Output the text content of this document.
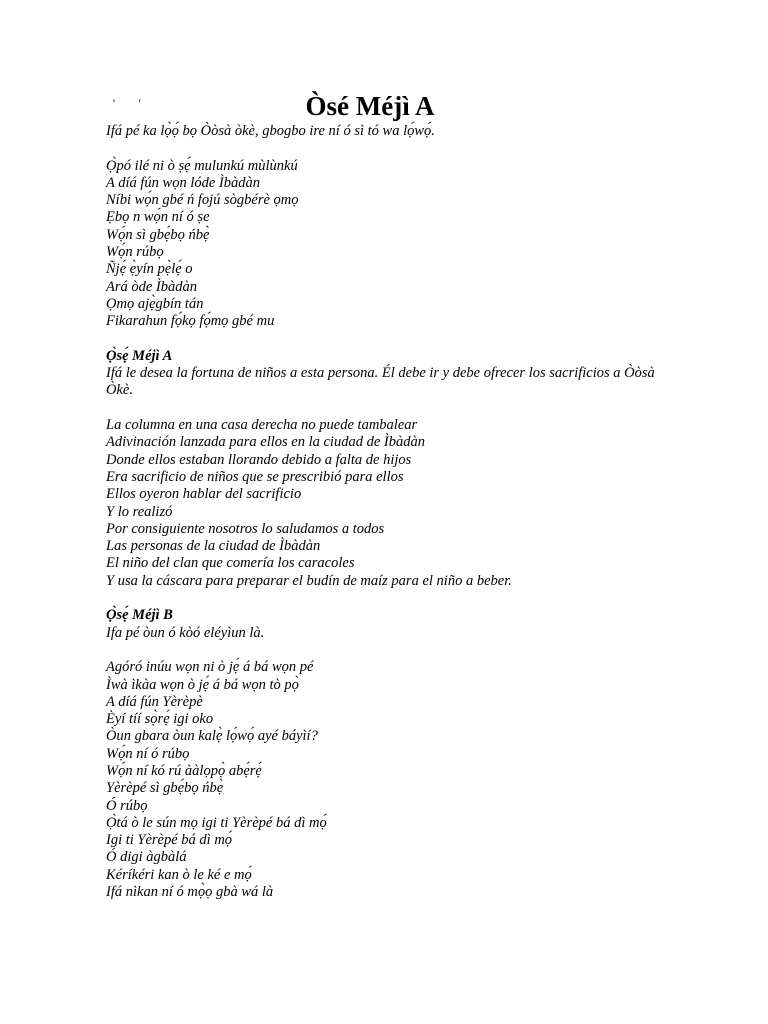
' '	Òsé Méjì A
Ifá pé ka lọ̀ọ́ bọ Òòsà òkè, gbogbo ire ní ó sì tó wa lọ́wọ́.
Ọ̀pó ilé ni ò ṣẹ́ mulunkú mùlùnkú
A díá fún wọn lóde Ìbàdàn
Níbi wọ́n gbé ń fojú sògbérè ọmọ
Ẹbọ n wọ́n ní ó ṣe
Wọ́n sì gbẹ́bọ ńbẹ̀
Wọ́n rúbọ
Ñjẹ́ ẹ̀yín pẹ̀lẹ́ o
Ará òde Ìbàdàn
Ọmọ ajẹ̀gbín tán
Fikarahun fọ́kọ fọ́mọ gbé mu
Ọ̀sẹ́ Méjì A
Ifá le desea la fortuna de niños a esta persona. Él debe ir y debe ofrecer los sacrificios a Òòsà Òkè.
La columna en una casa derecha no puede tambalear
Adivinación lanzada para ellos en la ciudad de Ìbàdàn
Donde ellos estaban llorando debido a falta de hijos
Era sacrificio de niños que se prescribió para ellos
Ellos oyeron hablar del sacrificio
Y lo realizó
Por consiguiente nosotros lo saludamos a todos
Las personas de la ciudad de Ìbàdàn
El niño del clan que comería los caracoles
Y usa la cáscara para preparar el budín de maíz para el niño a beber.
Ọ̀sẹ́ Méjì B
Ifa pé òun ó kòó eléyìun là.
Agóró inúu wọn ni ò jẹ́ á bá wọn pé
Ìwà ìkàa wọn ò jẹ́ á bá wọn tò pọ̀
A díá fún Yèrèpè
Èyí tíí sọ̀rẹ́ igi oko
Òun gbara òun kalẹ̀ lọ́wọ́ ayé báyìí?
Wọ́n ní ó rúbọ
Wọ́n ní kó rú ààlọpọ̀ abẹ́rẹ́
Yèrèpé sì gbẹ́bọ ńbẹ̀
Ó rúbọ
Ọ̀tá ò le sún mọ igi ti Yèrèpé bá dì mọ́
Igi ti Yèrèpé bá dì mọ́
Ó digi àgbàlá
Kéríkéri kan ò le ké e mọ́
Ifá nìkan ní ó mọ̀ọ gbà wá là
